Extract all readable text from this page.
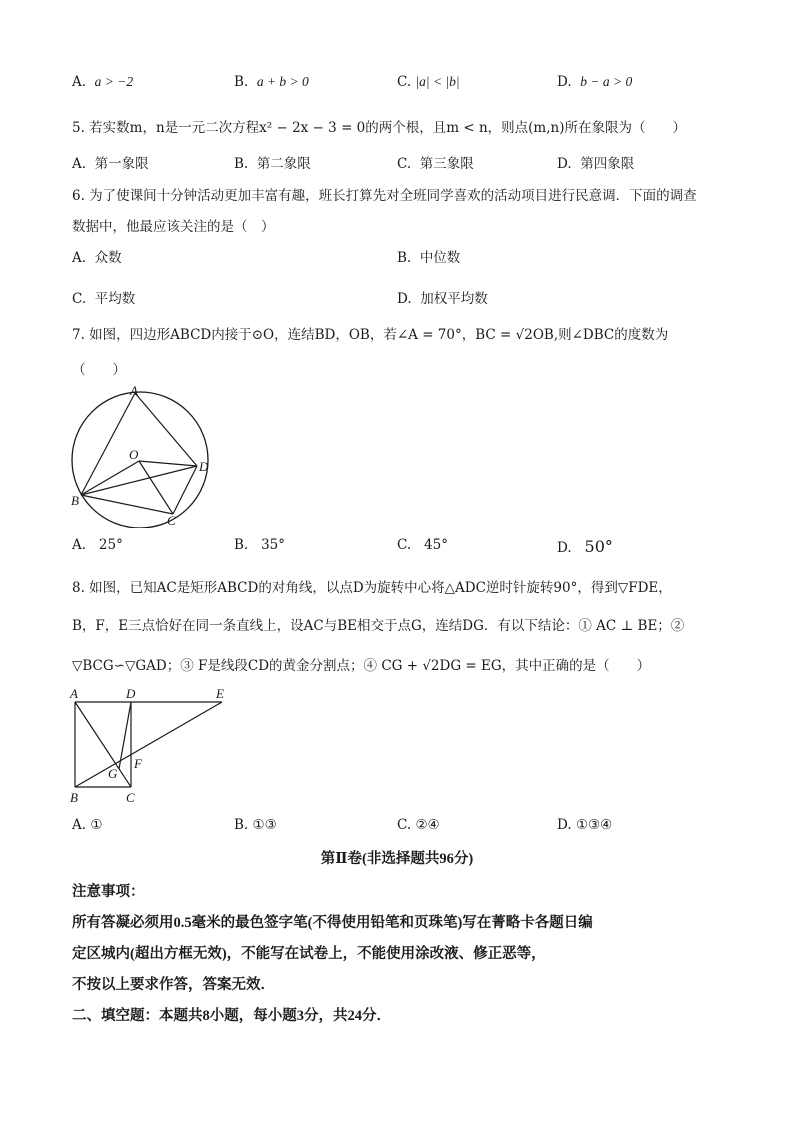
A. a > −2	B. a + b > 0	C. |a| < |b|	D. b − a > 0
5. 若实数m，n是一元二次方程x² − 2x − 3 = 0的两个根，且m < n，则点(m,n)所在象限为（　　）
A. 第一象限	B. 第二象限	C. 第三象限	D. 第四象限
6. 为了使课间十分钟活动更加丰富有趣，班长打算先对全班同学喜欢的活动项目进行民意调．下面的调查
数据中，他最应该关注的是（　）
A. 众数	B. 中位数
C. 平均数	D. 加权平均数
7. 如图，四边形ABCD内接于⊙O，连结BD，OB，若∠A = 70°，BC = √2OB,则∠DBC的度数为
（　　）
A
O
D
B
C
A. 25°	B. 35°	C. 45°	D. 50°
8. 如图，已知AC是矩形ABCD的对角线，以点D为旋转中心将△ADC逆时针旋转90°，得到▽FDE，
B，F，E三点恰好在同一条直线上，设AC与BE相交于点G，连结DG．有以下结论：① AC ⊥ BE；②
▽BCG∽▽GAD；③ F是线段CD的黄金分割点；④ CG + √2DG = EG，其中正确的是（　　）
A	D	E
G
F
B	C
A. ①	B. ①③	C. ②④	D. ①③④
第Ⅱ卷(非选择题共96分)
注意事项：
所有答凝必须用0.5毫米的最色签字笔(不得使用铅笔和页珠笔)写在菁略卡各题日编
定区城内(超出方框无效)，不能写在试卷上，不能使用涂改液、修正恶等，
不按以上要求作答，答案无效．
二、填空题：本题共8小题，每小题3分，共24分．
